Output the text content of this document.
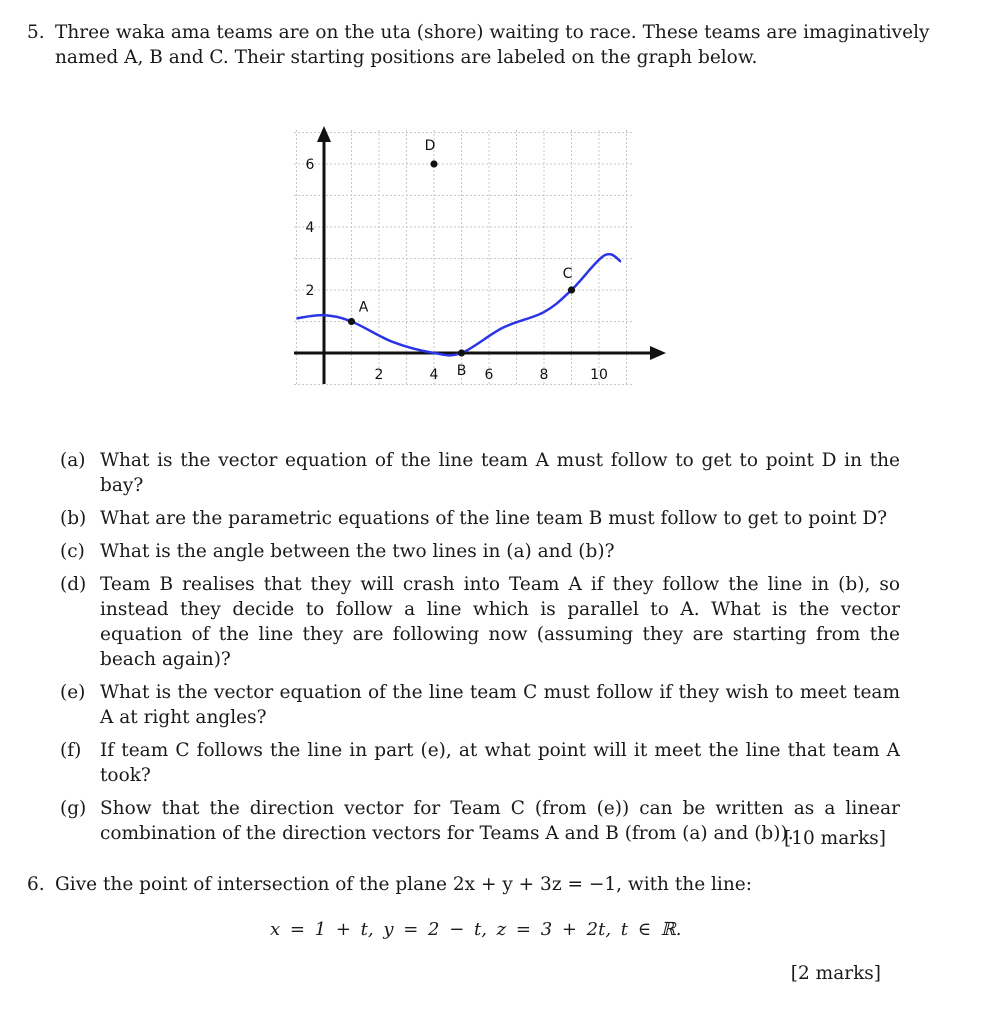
5. Three waka ama teams are on the uta (shore) waiting to race. These teams are imaginatively named A, B and C. Their starting positions are labeled on the graph below.
2	4	6	8	10
2
4
6
A
B
C
D
(a) What is the vector equation of the line team A must follow to get to point D in the bay?
(b) What are the parametric equations of the line team B must follow to get to point D?
(c) What is the angle between the two lines in (a) and (b)?
(d) Team B realises that they will crash into Team A if they follow the line in (b), so instead they decide to follow a line which is parallel to A. What is the vector equation of the line they are following now (assuming they are starting from the beach again)?
(e) What is the vector equation of the line team C must follow if they wish to meet team A at right angles?
(f) If team C follows the line in part (e), at what point will it meet the line that team A took?
(g) Show that the direction vector for Team C (from (e)) can be written as a linear combination of the direction vectors for Teams A and B (from (a) and (b)).
[10 marks]
6. Give the point of intersection of the plane 2x + y + 3z = −1, with the line:
x = 1 + t, y = 2 − t, z = 3 + 2t, t ∈ ℝ.
[2 marks]
